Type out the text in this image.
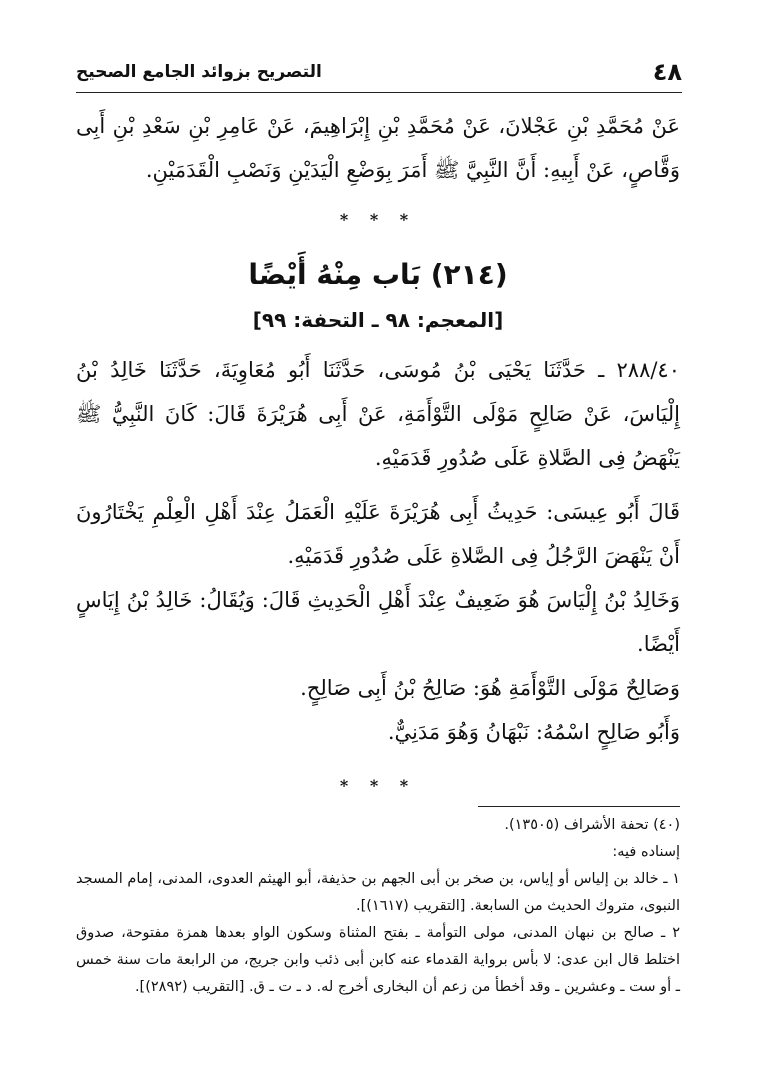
٤٨
التصريح بزوائد الجامع الصحيح

عَنْ مُحَمَّدِ بْنِ عَجْلانَ، عَنْ مُحَمَّدِ بْنِ إِبْرَاهِيمَ، عَنْ عَامِرِ بْنِ سَعْدِ بْنِ أَبِى وَقَّاصٍ، عَنْ أَبِيهِ: أَنَّ النَّبِيَّ ﷺ أَمَرَ بِوَضْعِ الْيَدَيْنِ وَنَصْبِ الْقَدَمَيْنِ.

* * *
(٢١٤) بَاب مِنْهُ أَيْضًا
[المعجم: ٩٨ ـ التحفة: ٩٩]

٢٨٨/٤٠ ـ حَدَّثَنَا يَحْيَى بْنُ مُوسَى، حَدَّثَنَا أَبُو مُعَاوِيَةَ، حَدَّثَنَا خَالِدُ بْنُ إِلْيَاسَ، عَنْ صَالِحٍ مَوْلَى التَّوْأَمَةِ، عَنْ أَبِى هُرَيْرَةَ قَالَ: كَانَ النَّبِيُّ ﷺ يَنْهَضُ فِى الصَّلاةِ عَلَى صُدُورِ قَدَمَيْهِ.

قَالَ أَبُو عِيسَى: حَدِيثُ أَبِى هُرَيْرَةَ عَلَيْهِ الْعَمَلُ عِنْدَ أَهْلِ الْعِلْمِ يَخْتَارُونَ أَنْ يَنْهَضَ الرَّجُلُ فِى الصَّلاةِ عَلَى صُدُورِ قَدَمَيْهِ.

وَخَالِدُ بْنُ إِلْيَاسَ هُوَ ضَعِيفٌ عِنْدَ أَهْلِ الْحَدِيثِ قَالَ: وَيُقَالُ: خَالِدُ بْنُ إِيَاسٍ أَيْضًا.

وَصَالِحٌ مَوْلَى التَّوْأَمَةِ هُوَ: صَالِحُ بْنُ أَبِى صَالِحٍ.

وَأَبُو صَالِحٍ اسْمُهُ: نَبْهَانُ وَهُوَ مَدَنِيٌّ.

* * *

(٤٠) تحفة الأشراف (١٣٥٠٥).

إسناده فيه:

١ ـ خالد بن إلياس أو إياس، بن صخر بن أبى الجهم بن حذيفة، أبو الهيثم العدوى، المدنى، إمام المسجد النبوى، متروك الحديث من السابعة. [التقريب (١٦١٧)].

٢ ـ صالح بن نبهان المدنى، مولى التوأمة ـ بفتح المثناة وسكون الواو بعدها همزة مفتوحة، صدوق اختلط قال ابن عدى: لا بأس برواية القدماء عنه كابن أبى ذئب وابن جريج، من الرابعة مات سنة خمس ـ أو ست ـ وعشرين ـ وقد أخطأ من زعم أن البخارى أخرج له. د ـ ت ـ ق. [التقريب (٢٨٩٢)].
